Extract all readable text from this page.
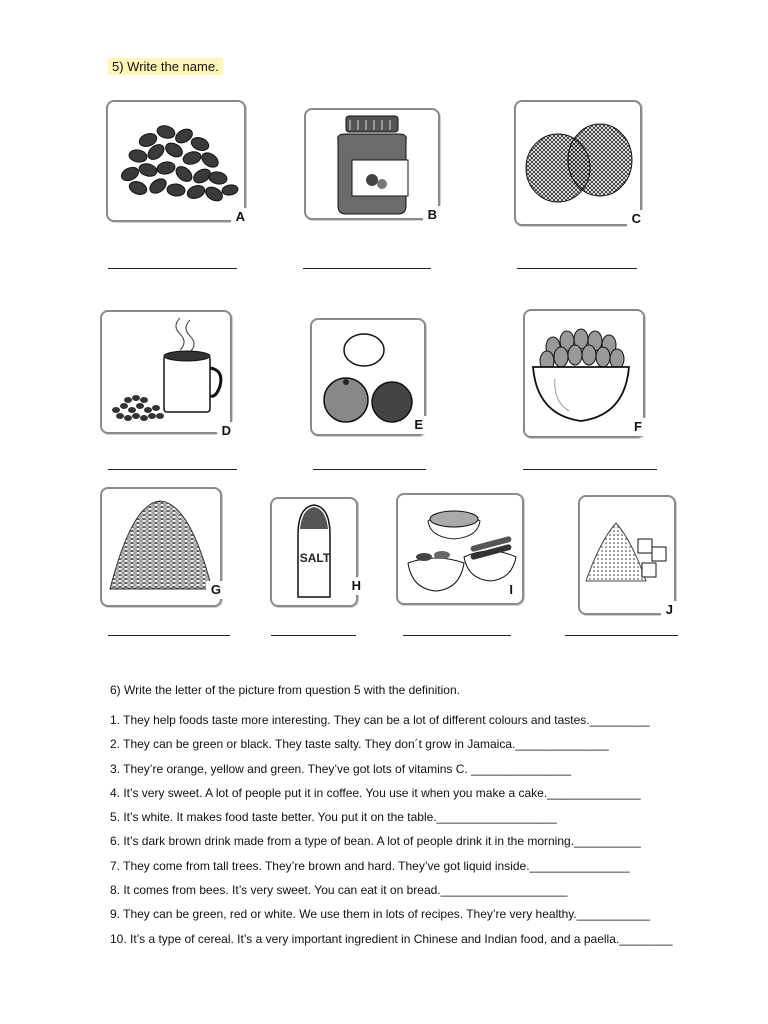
5) Write the name.
A	B	C
D	E	F
G
SALT
H	I
J
6) Write the letter of the picture from question 5 with the definition.
1. They help foods taste more interesting. They can be a lot of different colours and tastes._________
2. They can be green or black. They taste salty. They don´t grow in Jamaica.______________
3. They’re orange, yellow and green. They’ve got lots of vitamins C. _______________
4. It’s very sweet. A lot of people put it in coffee. You use it when you make a cake.______________
5. It’s white. It makes food taste better. You put it on the table.__________________
6. It’s dark brown drink made from a type of bean. A lot of people drink it in the morning.__________
7. They come from tall trees. They’re brown and hard. They’ve got liquid inside._______________
8. It comes from bees. It’s very sweet. You can eat it on bread.___________________
9. They can be green, red or white. We use them in lots of recipes. They’re very healthy.___________
10. It’s a type of cereal. It’s a very important ingredient in Chinese and Indian food, and a paella.________
